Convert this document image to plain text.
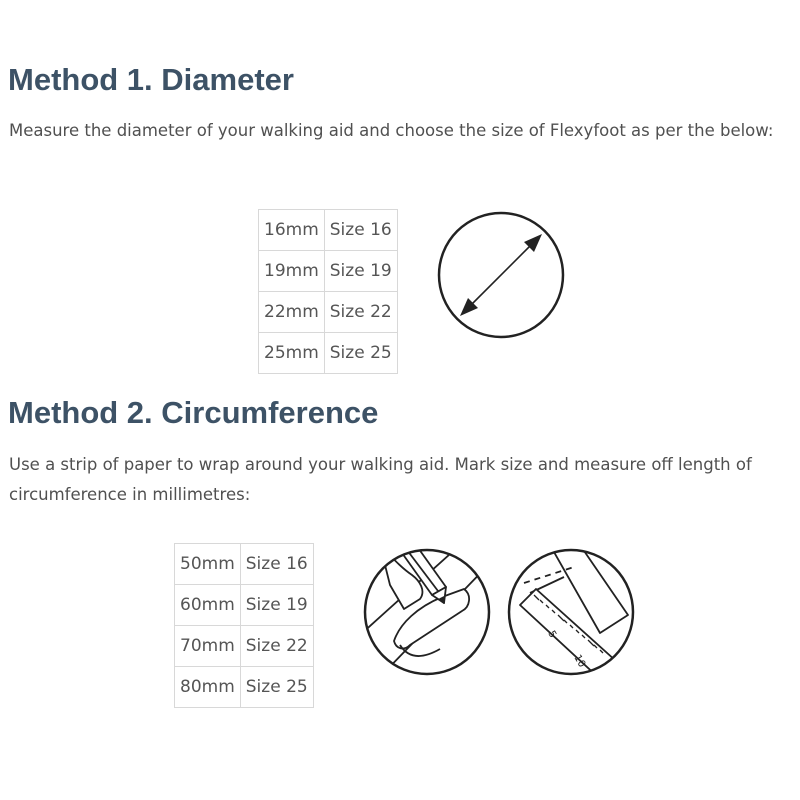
Method 1. Diameter

Measure the diameter of your walking aid and choose the size of Flexyfoot as per the below:

16mm	Size 16
19mm	Size 19
22mm	Size 22
25mm	Size 25
Method 2. Circumference

Use a strip of paper to wrap around your walking aid. Mark size and measure off length of circumference in millimetres:

50mm	Size 16
60mm	Size 19
70mm	Size 22
80mm	Size 25
5
10
